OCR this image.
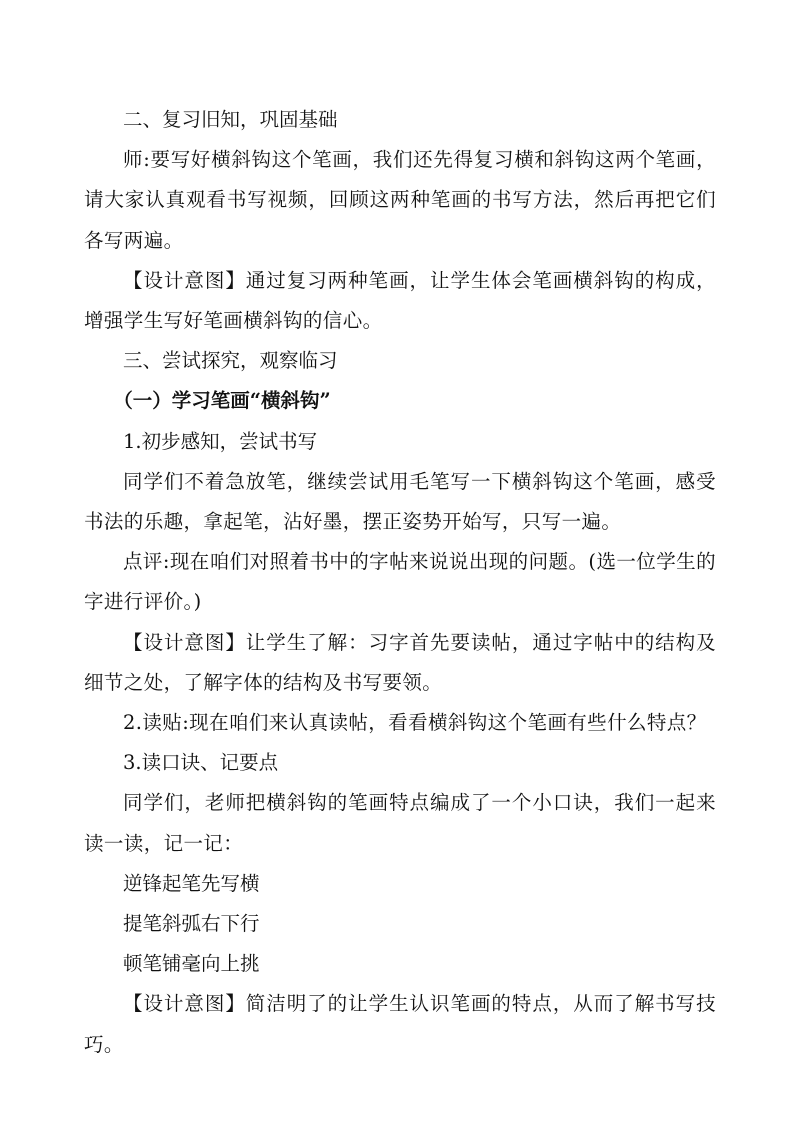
二、复习旧知，巩固基础

师:要写好横斜钩这个笔画，我们还先得复习横和斜钩这两个笔画，请大家认真观看书写视频，回顾这两种笔画的书写方法，然后再把它们各写两遍。

【设计意图】通过复习两种笔画，让学生体会笔画横斜钩的构成，增强学生写好笔画横斜钩的信心。

三、尝试探究，观察临习

（一）学习笔画“横斜钩”

1.初步感知，尝试书写

同学们不着急放笔，继续尝试用毛笔写一下横斜钩这个笔画，感受书法的乐趣，拿起笔，沾好墨，摆正姿势开始写，只写一遍。

点评:现在咱们对照着书中的字帖来说说出现的问题。(选一位学生的字进行评价。)

【设计意图】让学生了解：习字首先要读帖，通过字帖中的结构及细节之处，了解字体的结构及书写要领。

2.读贴:现在咱们来认真读帖，看看横斜钩这个笔画有些什么特点？

3.读口诀、记要点

同学们，老师把横斜钩的笔画特点编成了一个小口诀，我们一起来读一读，记一记：

逆锋起笔先写横

提笔斜弧右下行

顿笔铺毫向上挑

【设计意图】简洁明了的让学生认识笔画的特点，从而了解书写技巧。
